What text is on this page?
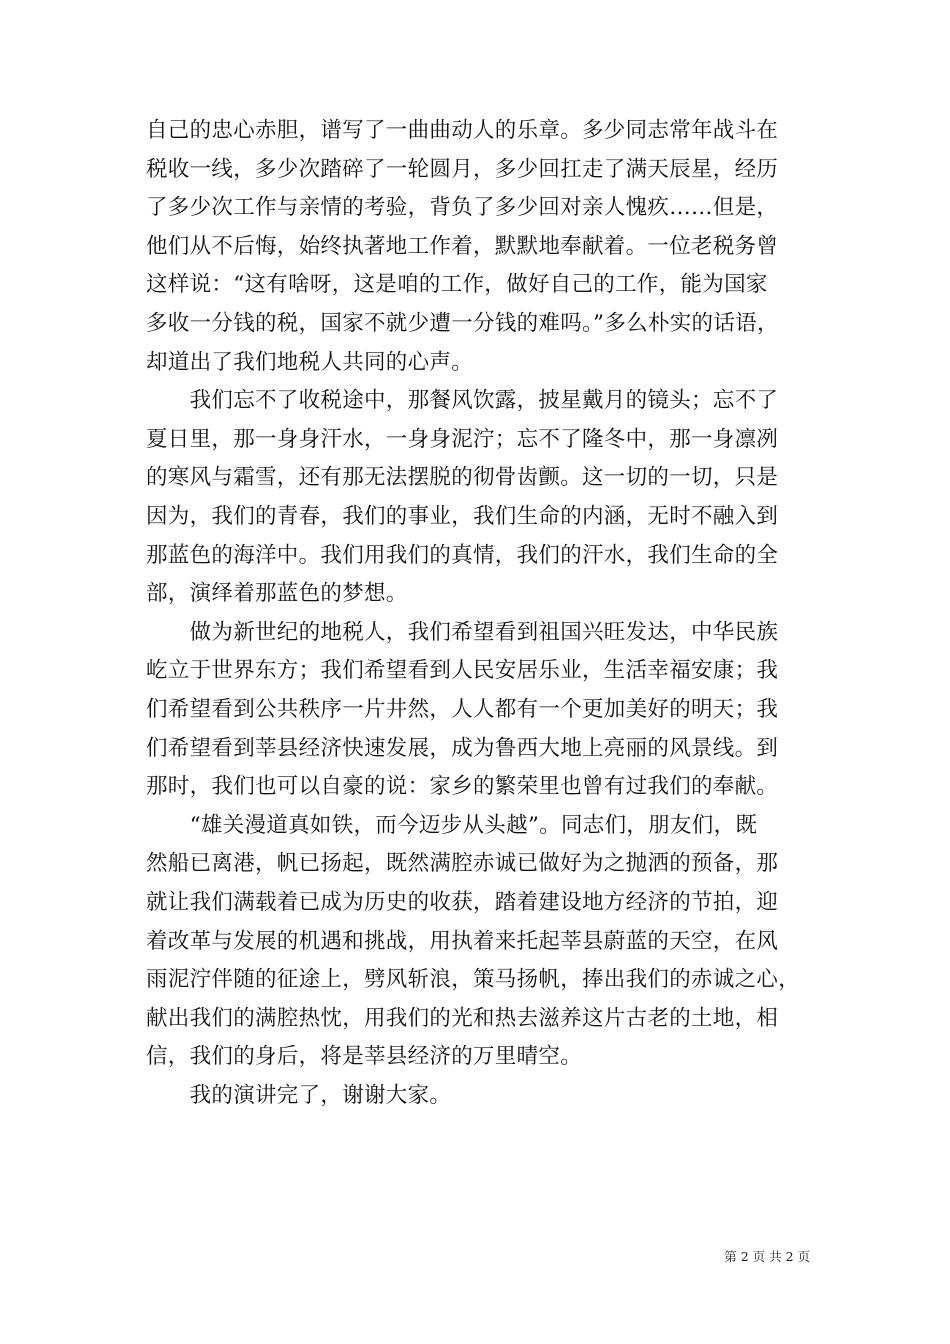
自己的忠心赤胆，谱写了一曲曲动人的乐章。多少同志常年战斗在
税收一线，多少次踏碎了一轮圆月，多少回扛走了满天辰星，经历
了多少次工作与亲情的考验，背负了多少回对亲人愧疚……但是，
他们从不后悔，始终执著地工作着，默默地奉献着。一位老税务曾
这样说：“这有啥呀，这是咱的工作，做好自己的工作，能为国家
多收一分钱的税，国家不就少遭一分钱的难吗。”多么朴实的话语，
却道出了我们地税人共同的心声。
　　我们忘不了收税途中，那餐风饮露，披星戴月的镜头；忘不了
夏日里，那一身身汗水，一身身泥泞；忘不了隆冬中，那一身凛冽
的寒风与霜雪，还有那无法摆脱的彻骨齿颤。这一切的一切，只是
因为，我们的青春，我们的事业，我们生命的内涵，无时不融入到
那蓝色的海洋中。我们用我们的真情，我们的汗水，我们生命的全
部，演绎着那蓝色的梦想。
　　做为新世纪的地税人，我们希望看到祖国兴旺发达，中华民族
屹立于世界东方；我们希望看到人民安居乐业，生活幸福安康；我
们希望看到公共秩序一片井然，人人都有一个更加美好的明天；我
们希望看到莘县经济快速发展，成为鲁西大地上亮丽的风景线。到
那时，我们也可以自豪的说：家乡的繁荣里也曾有过我们的奉献。
　　“雄关漫道真如铁，而今迈步从头越”。同志们，朋友们，既
然船已离港，帆已扬起，既然满腔赤诚已做好为之抛洒的预备，那
就让我们满载着已成为历史的收获，踏着建设地方经济的节拍，迎
着改革与发展的机遇和挑战，用执着来托起莘县蔚蓝的天空，在风
雨泥泞伴随的征途上，劈风斩浪，策马扬帆，捧出我们的赤诚之心，
献出我们的满腔热忱，用我们的光和热去滋养这片古老的土地，相
信，我们的身后，将是莘县经济的万里晴空。
　　我的演讲完了，谢谢大家。
第 2 页 共 2 页
